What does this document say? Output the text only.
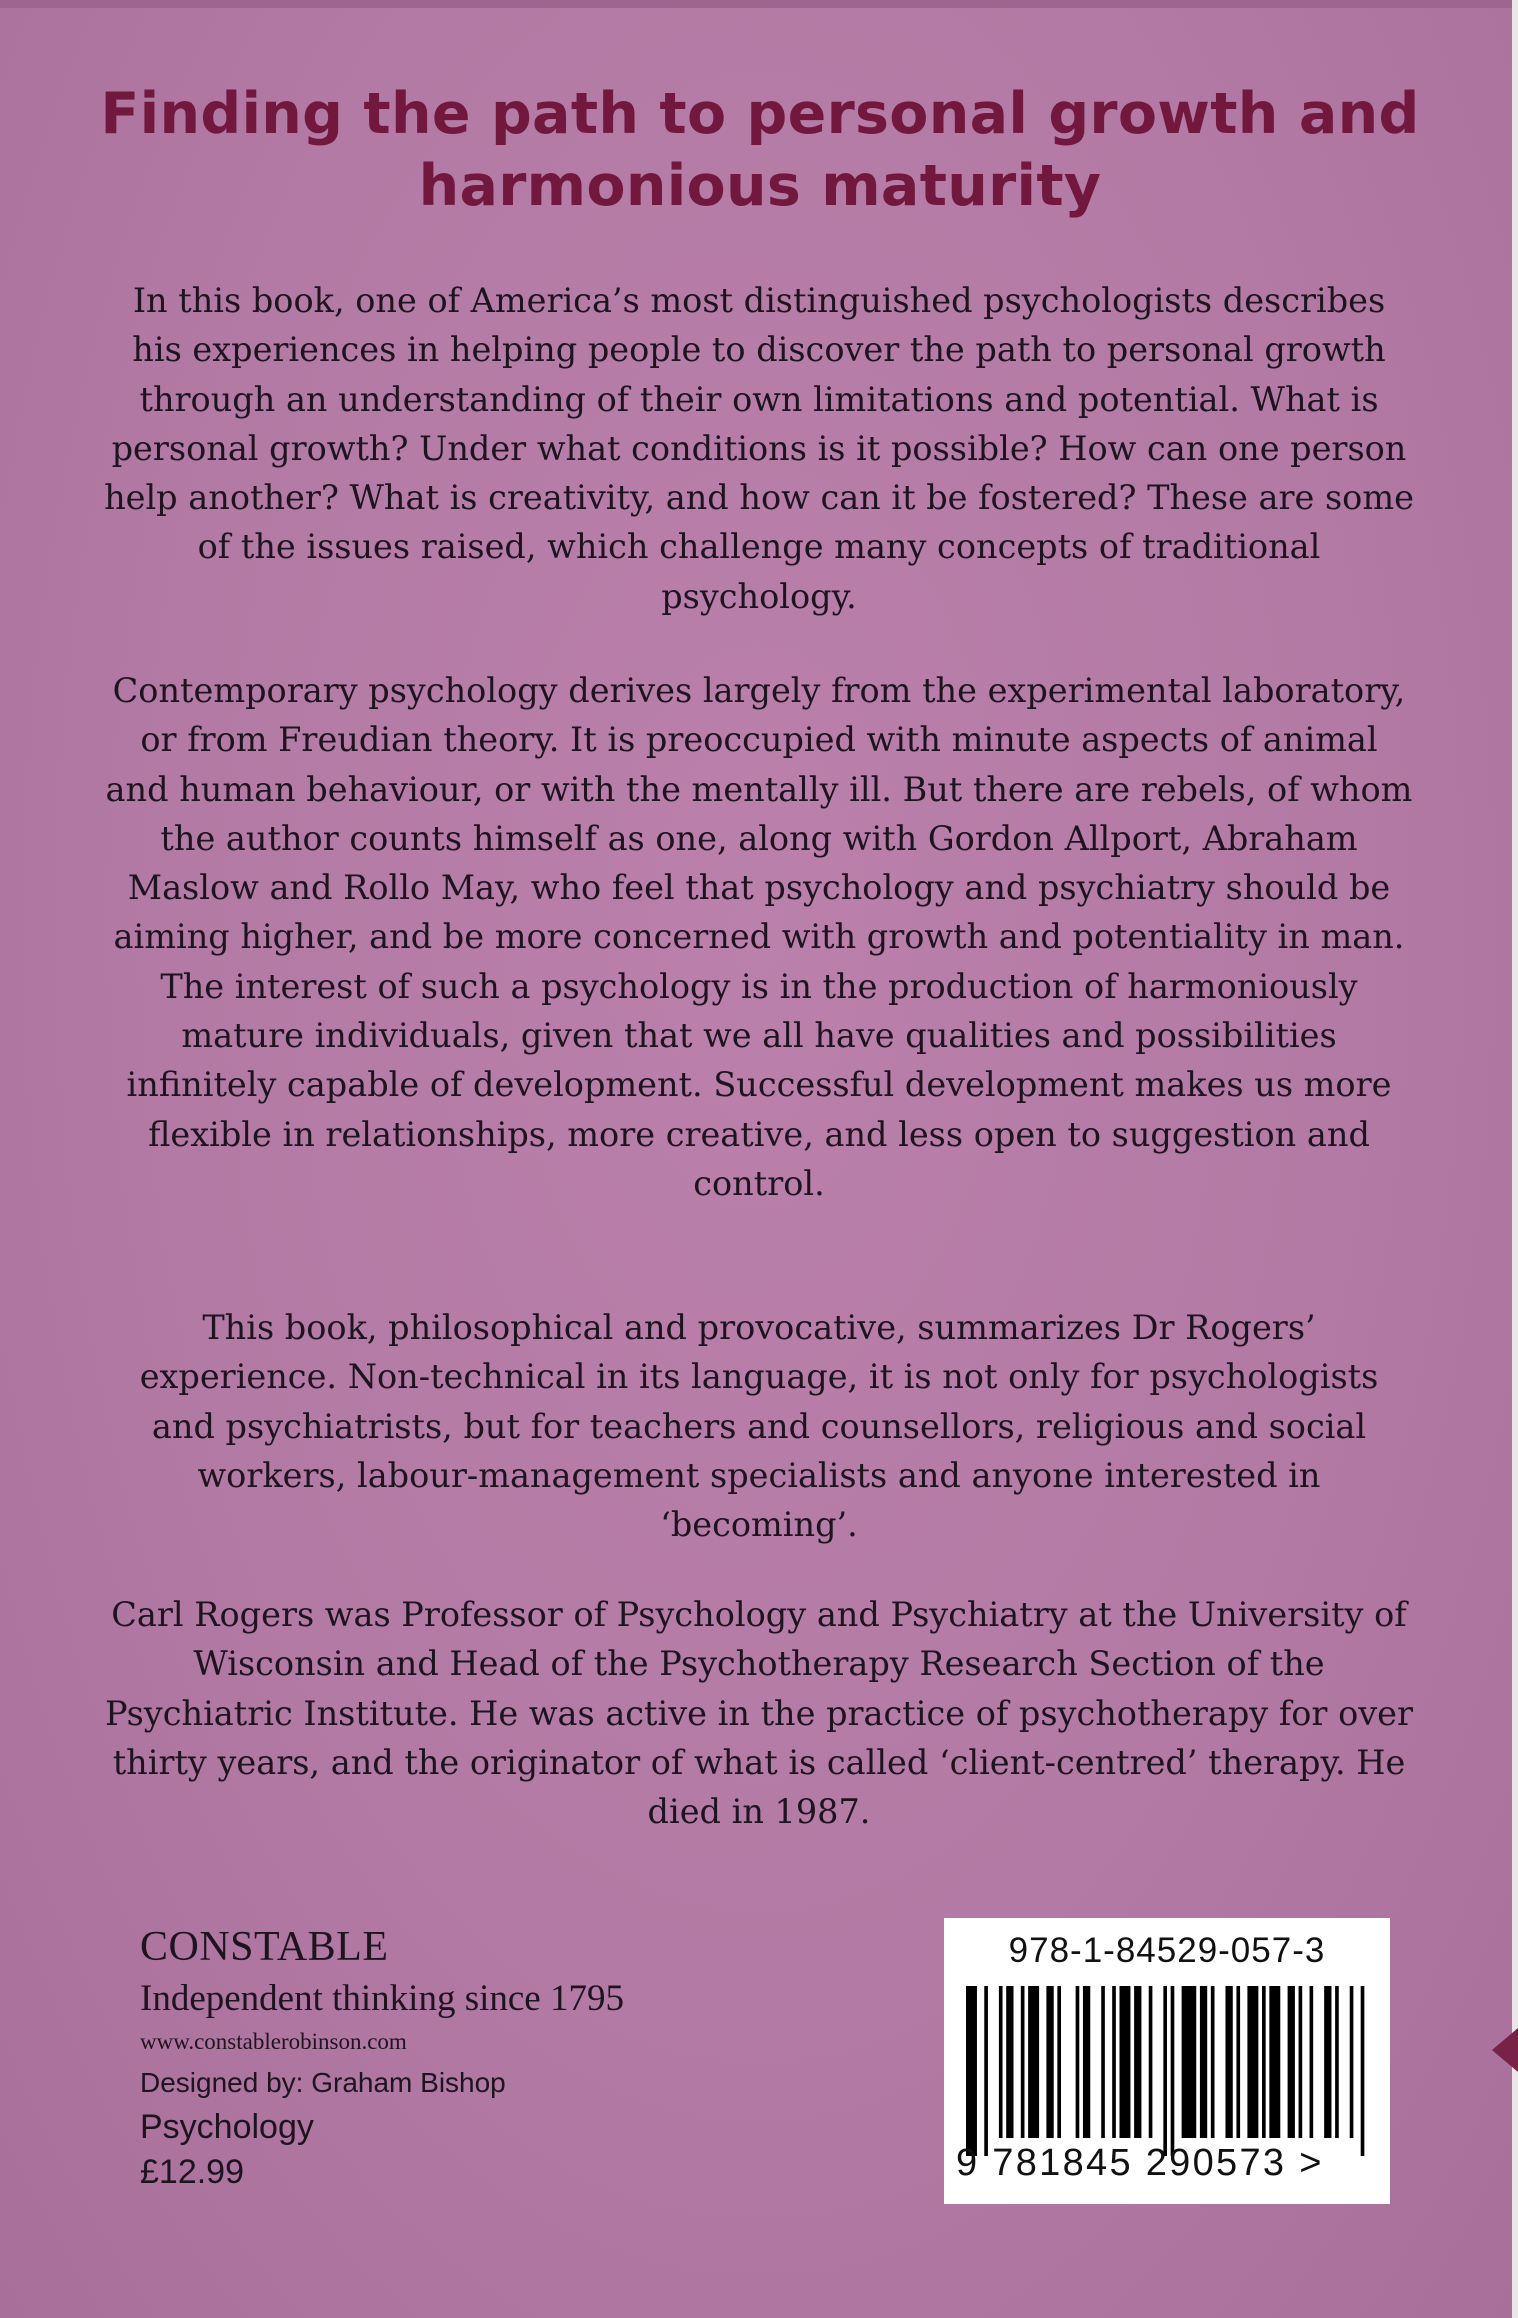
Finding the path to personal growth and harmonious maturity

In this book, one of America’s most distinguished psychologists describes his experiences in helping people to discover the path to personal growth through an understanding of their own limitations and potential. What is personal growth? Under what conditions is it possible? How can one person help another? What is creativity, and how can it be fostered? These are some of the issues raised, which challenge many concepts of traditional psychology.

Contemporary psychology derives largely from the experimental laboratory, or from Freudian theory. It is preoccupied with minute aspects of animal and human behaviour, or with the mentally ill. But there are rebels, of whom the author counts himself as one, along with Gordon Allport, Abraham Maslow and Rollo May, who feel that psychology and psychiatry should be aiming higher, and be more concerned with growth and potentiality in man. The interest of such a psychology is in the production of harmoniously mature individuals, given that we all have qualities and possibilities infinitely capable of development. Successful development makes us more flexible in relationships, more creative, and less open to suggestion and control.

This book, philosophical and provocative, summarizes Dr Rogers’ experience. Non-technical in its language, it is not only for psychologists and psychiatrists, but for teachers and counsellors, religious and social workers, labour-management specialists and anyone interested in ‘becoming’.

Carl Rogers was Professor of Psychology and Psychiatry at the University of Wisconsin and Head of the Psychotherapy Research Section of the Psychiatric Institute. He was active in the practice of psychotherapy for over thirty years, and the originator of what is called ‘client-centred’ therapy. He died in 1987.

CONSTABLE
Independent thinking since 1795
www.constablerobinson.com
Designed by: Graham Bishop
Psychology
£12.99
978-1-84529-057-3
9 781845 290573 >
